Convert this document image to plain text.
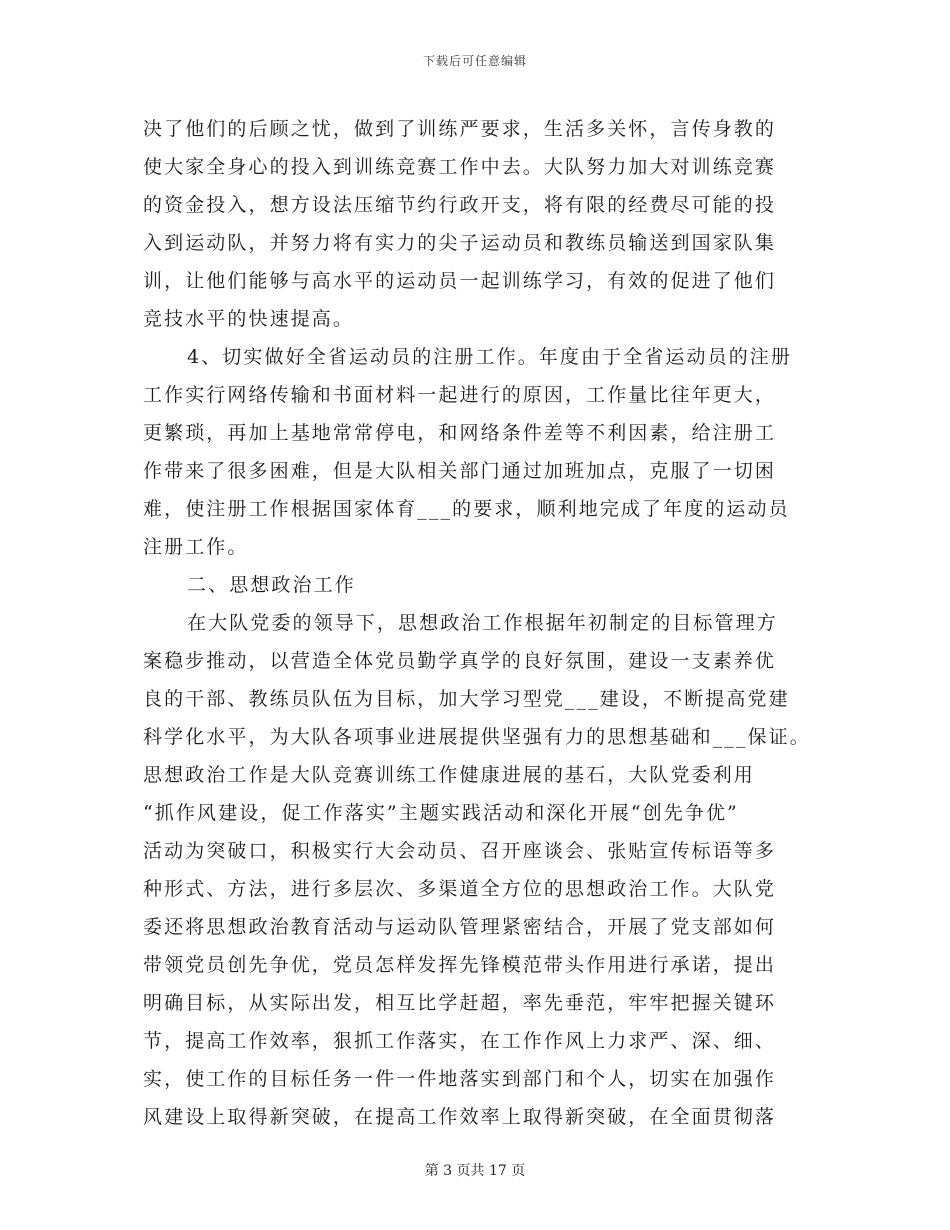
下载后可任意编辑
决了他们的后顾之忧，做到了训练严要求，生活多关怀，言传身教的
使大家全身心的投入到训练竞赛工作中去。大队努力加大对训练竞赛
的资金投入，想方设法压缩节约行政开支，将有限的经费尽可能的投
入到运动队，并努力将有实力的尖子运动员和教练员输送到国家队集
训，让他们能够与高水平的运动员一起训练学习，有效的促进了他们
竞技水平的快速提高。
4、切实做好全省运动员的注册工作。年度由于全省运动员的注册
工作实行网络传输和书面材料一起进行的原因，工作量比往年更大，
更繁琐，再加上基地常常停电，和网络条件差等不利因素，给注册工
作带来了很多困难，但是大队相关部门通过加班加点，克服了一切困
难，使注册工作根据国家体育___的要求，顺利地完成了年度的运动员
注册工作。
二、思想政治工作
在大队党委的领导下，思想政治工作根据年初制定的目标管理方
案稳步推动，以营造全体党员勤学真学的良好氛围，建设一支素养优
良的干部、教练员队伍为目标，加大学习型党___建设，不断提高党建
科学化水平，为大队各项事业进展提供坚强有力的思想基础和___保证。
思想政治工作是大队竞赛训练工作健康进展的基石，大队党委利用
“抓作风建设，促工作落实”主题实践活动和深化开展“创先争优”
活动为突破口，积极实行大会动员、召开座谈会、张贴宣传标语等多
种形式、方法，进行多层次、多渠道全方位的思想政治工作。大队党
委还将思想政治教育活动与运动队管理紧密结合，开展了党支部如何
带领党员创先争优，党员怎样发挥先锋模范带头作用进行承诺，提出
明确目标，从实际出发，相互比学赶超，率先垂范，牢牢把握关键环
节，提高工作效率，狠抓工作落实，在工作作风上力求严、深、细、
实，使工作的目标任务一件一件地落实到部门和个人，切实在加强作
风建设上取得新突破，在提高工作效率上取得新突破，在全面贯彻落
第 3 页共 17 页
